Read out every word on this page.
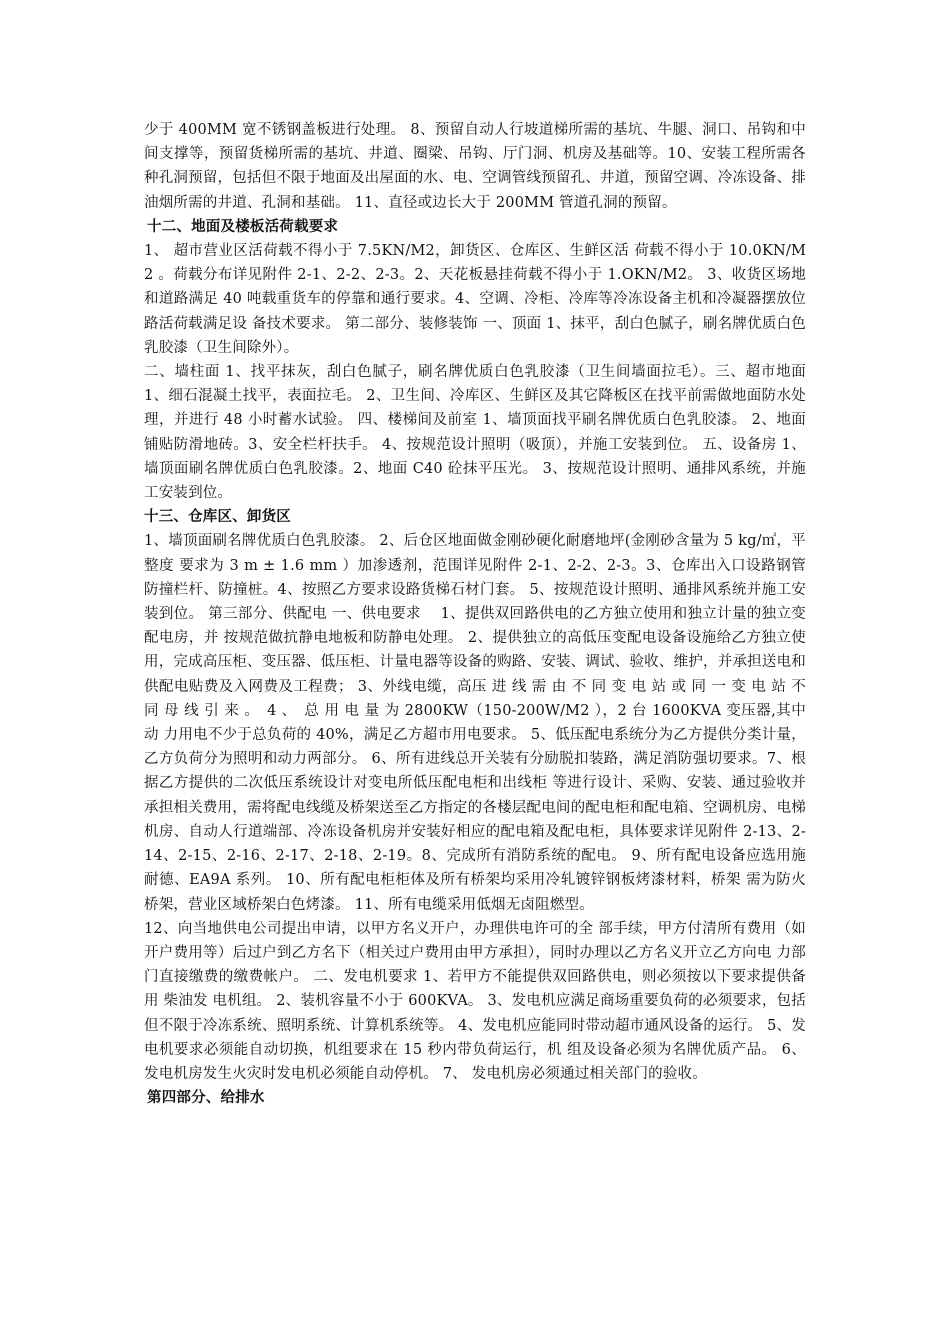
少于 400MM 宽不锈钢盖板进行处理。 8、预留自动人行坡道梯所需的基坑、牛腿、洞口、吊钩和中间支撑等，预留货梯所需的基坑、井道、圈梁、吊钩、厅门洞、机房及基础等。10、安装工程所需各种孔洞预留，包括但不限于地面及出屋面的水、电、空调管线预留孔、井道，预留空调、冷冻设备、排油烟所需的井道、孔洞和基础。 11、直径或边长大于 200MM 管道孔洞的预留。

十二、地面及楼板活荷载要求

1、 超市营业区活荷载不得小于 7.5KN/M2，卸货区、仓库区、生鲜区活 荷载不得小于 10.0KN/M2 。荷载分布详见附件 2-1、2-2、2-3。2、天花板悬挂荷载不得小于 1.OKN/M2。 3、收货区场地和道路满足 40 吨载重货车的停靠和通行要求。4、空调、冷柜、冷库等冷冻设备主机和冷凝器摆放位路活荷载满足设 备技术要求。 第二部分、装修装饰 一、顶面 1、抹平，刮白色腻子，刷名牌优质白色乳胶漆（卫生间除外）。

二、墙柱面 1、找平抹灰，刮白色腻子，刷名牌优质白色乳胶漆（卫生间墙面拉毛）。三、超市地面 1、细石混凝土找平，表面拉毛。 2、卫生间、冷库区、生鲜区及其它降板区在找平前需做地面防水处理，并进行 48 小时蓄水试验。 四、楼梯间及前室 1、墙顶面找平刷名牌优质白色乳胶漆。 2、地面铺贴防滑地砖。3、安全栏杆扶手。 4、按规范设计照明（吸顶），并施工安装到位。 五、设备房 1、墙顶面刷名牌优质白色乳胶漆。2、地面 C40 砼抹平压光。 3、按规范设计照明、通排风系统，并施工安装到位。

十三、仓库区、卸货区

1、墙顶面刷名牌优质白色乳胶漆。 2、后仓区地面做金刚砂硬化耐磨地坪(金刚砂含量为 5 kg/㎡，平整度 要求为 3 m ± 1.6 mm ）加渗透剂，范围详见附件 2-1、2-2、2-3。3、仓库出入口设路钢管防撞栏杆、防撞桩。4、按照乙方要求设路货梯石材门套。 5、按规范设计照明、通排风系统并施工安装到位。 第三部分、供配电 一、供电要求　 1、提供双回路供电的乙方独立使用和独立计量的独立变配电房，并 按规范做抗静电地板和防静电处理。 2、提供独立的高低压变配电设备设施给乙方独立使用，完成高压柜、变压器、低压柜、计量电器等设备的购路、安装、调试、验收、维护，并承担送电和供配电贴费及入网费及工程费； 3、外线电缆，高压 进 线 需 由 不 同 变 电 站 或 同 一 变 电 站 不 同 母 线 引 来 。　4 、　总 用 电 量 为 2800KW（150-200W/M2 ），2 台 1600KVA 变压器,其中动 力用电不少于总负荷的 40%，满足乙方超市用电要求。 5、低压配电系统分为乙方提供分类计量，乙方负荷分为照明和动力两部分。 6、所有进线总开关装有分励脱扣装路，满足消防强切要求。7、根据乙方提供的二次低压系统设计对变电所低压配电柜和出线柜 等进行设计、采购、安装、通过验收并承担相关费用，需将配电线缆及桥架送至乙方指定的各楼层配电间的配电柜和配电箱、空调机房、电梯机房、自动人行道端部、冷冻设备机房并安装好相应的配电箱及配电柜，具体要求详见附件 2-13、2-14、2-15、2-16、2-17、2-18、2-19。8、完成所有消防系统的配电。 9、所有配电设备应选用施耐德、EA9A 系列。 10、所有配电柜柜体及所有桥架均采用冷轧镀锌钢板烤漆材料，桥架 需为防火桥架，营业区域桥架白色烤漆。 11、所有电缆采用低烟无卤阻燃型。

12、向当地供电公司提出申请，以甲方名义开户，办理供电许可的全 部手续，甲方付清所有费用（如开户费用等）后过户到乙方名下（相关过户费用由甲方承担），同时办理以乙方名义开立乙方向电 力部门直接缴费的缴费帐户。 二、发电机要求 1、若甲方不能提供双回路供电，则必须按以下要求提供备用 柴油发 电机组。 2、装机容量不小于 600KVA。 3、发电机应满足商场重要负荷的必须要求，包括但不限于冷冻系统、照明系统、计算机系统等。 4、发电机应能同时带动超市通风设备的运行。 5、发电机要求必须能自动切换，机组要求在 15 秒内带负荷运行，机 组及设备必须为名牌优质产品。 6、发电机房发生火灾时发电机必须能自动停机。 7、 发电机房必须通过相关部门的验收。

第四部分、给排水
